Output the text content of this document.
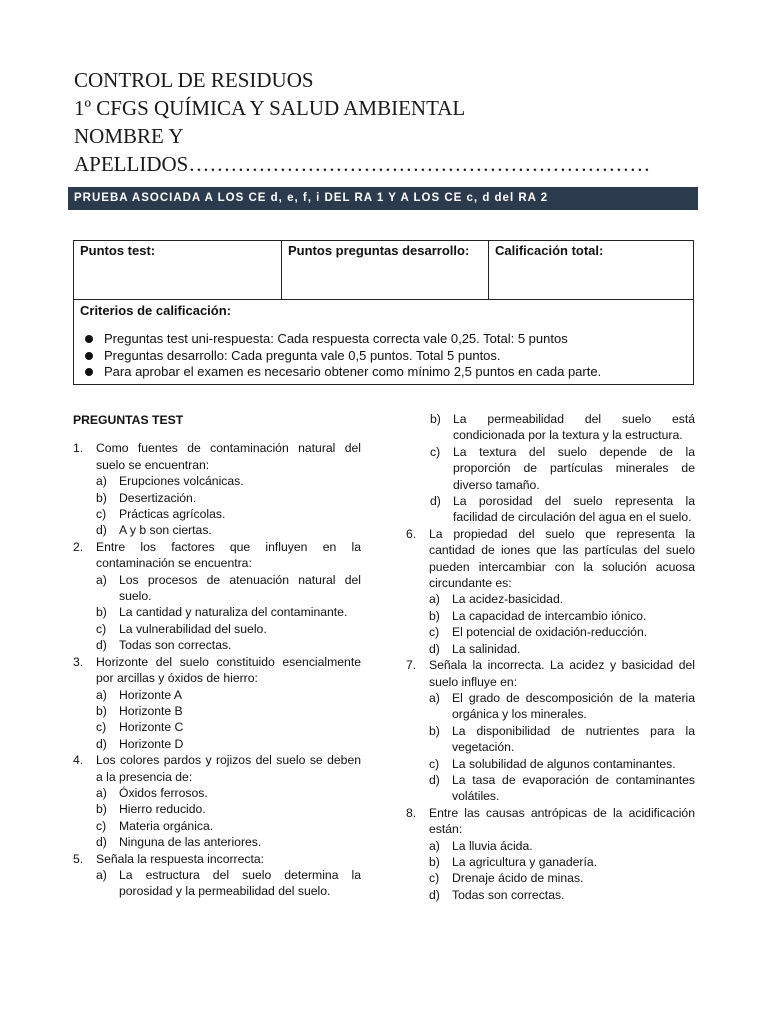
CONTROL DE RESIDUOS
1º CFGS QUÍMICA Y SALUD AMBIENTAL
NOMBRE Y
APELLIDOS…………………………………………………………
PRUEBA ASOCIADA A LOS CE d, e, f, i DEL RA 1 Y A LOS CE c, d del RA 2
Puntos test:	Puntos preguntas desarrollo:	Calificación total:
Criterios de calificación:
Preguntas test uni-respuesta: Cada respuesta correcta vale 0,25. Total: 5 puntos
Preguntas desarrollo: Cada pregunta vale 0,5 puntos. Total 5 puntos.
Para aprobar el examen es necesario obtener como mínimo 2,5 puntos en cada parte.
PREGUNTAS TEST
1.	Como fuentes de contaminación natural del suelo se encuentran:
a) Erupciones volcánicas.
b) Desertización.
c)	Prácticas agrícolas.
d) A y b son ciertas.
2.	Entre los factores que influyen en la contaminación se encuentra:
a) Los procesos de atenuación natural del suelo.
b) La cantidad y naturaliza del contaminante.
c)	La vulnerabilidad del suelo.
d) Todas son correctas.
3.	Horizonte del suelo constituido esencialmente por arcillas y óxidos de hierro:
a) Horizonte A
b) Horizonte B
c)	Horizonte C
d) Horizonte D
4.	Los colores pardos y rojizos del suelo se deben a la presencia de:
a) Óxidos ferrosos.
b) Hierro reducido.
c)	Materia orgánica.
d) Ninguna de las anteriores.
5.	Señala la respuesta incorrecta:
a) La estructura del suelo determina la porosidad y la permeabilidad del suelo.
b) La permeabilidad del suelo está condicionada por la textura y la estructura.
c)	La textura del suelo depende de la proporción de partículas minerales de diverso tamaño.
d) La porosidad del suelo representa la facilidad de circulación del agua en el suelo.
6.	La propiedad del suelo que representa la cantidad de iones que las partículas del suelo pueden intercambiar con la solución acuosa circundante es:
a) La acidez-basicidad.
b) La capacidad de intercambio iónico.
c)	El potencial de oxidación-reducción.
d) La salinidad.
7.	Señala la incorrecta. La acidez y basicidad del suelo influye en:
a) El grado de descomposición de la materia orgánica y los minerales.
b) La disponibilidad de nutrientes para la vegetación.
c)	La solubilidad de algunos contaminantes.
d) La tasa de evaporación de contaminantes volátiles.
8.	Entre las causas antrópicas de la acidificación están:
a) La lluvia ácida.
b) La agricultura y ganadería.
c)	Drenaje ácido de minas.
d) Todas son correctas.
